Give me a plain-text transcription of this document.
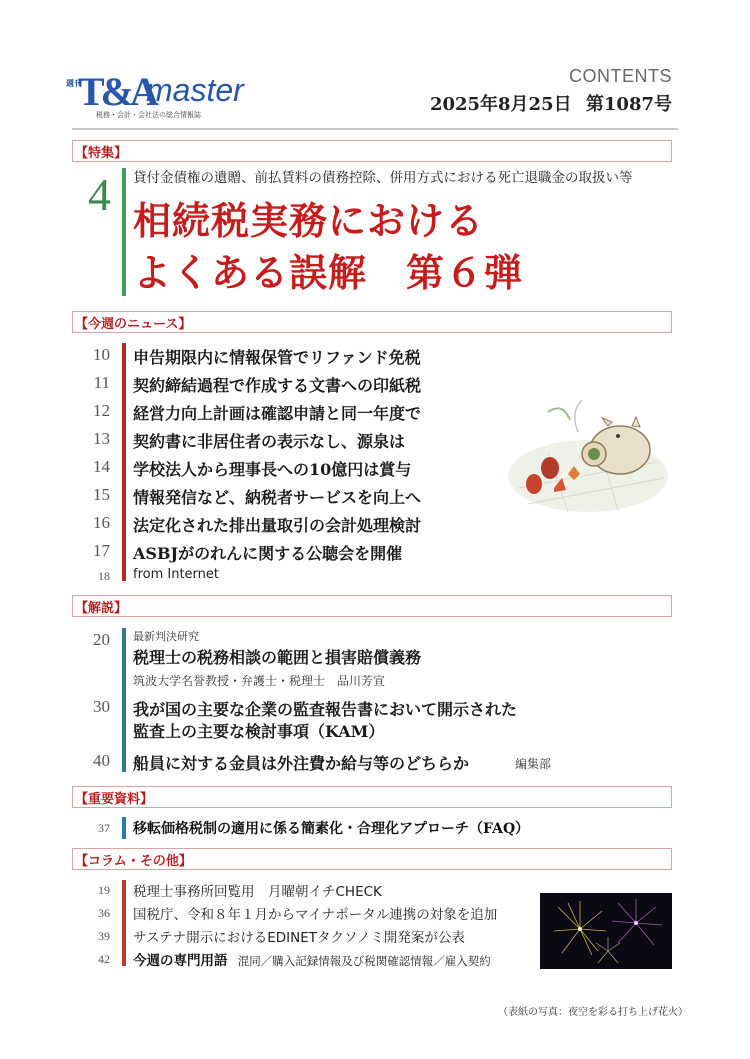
週刊
T&A
master
税務・会計・会社法の総合情報誌
CONTENTS
2025年8月25日 第1087号
【特集】
4 貸付金債権の遺贈、前払賃料の債務控除、併用方式における死亡退職金の取扱い等
相続税実務における
よくある誤解　第６弾
【今週のニュース】
10 申告期限内に情報保管でリファンド免税
11 契約締結過程で作成する文書への印紙税
12 経営力向上計画は確認申請と同一年度で
13 契約書に非居住者の表示なし、源泉は
14 学校法人から理事長への10億円は賞与
15 情報発信など、納税者サービスを向上へ
16 法定化された排出量取引の会計処理検討
17 ASBJがのれんに関する公聴会を開催
18 from Internet
【解説】
20 最新判決研究
税理士の税務相談の範囲と損害賠償義務
筑波大学名誉教授・弁護士・税理士　品川芳宣
30 我が国の主要な企業の監査報告書において開示された
監査上の主要な検討事項（KAM）
40 船員に対する金員は外注費か給与等のどちらか	編集部
【重要資料】
37 移転価格税制の適用に係る簡素化・合理化アプローチ（FAQ）
【コラム・その他】
19 税理士事務所回覧用　月曜朝イチCHECK
36 国税庁、令和８年１月からマイナポータル連携の対象を追加
39 サステナ開示におけるEDINETタクソノミ開発案が公表
42 今週の専門用語 混同／購入記録情報及び税関確認情報／雇入契約
（表紙の写真：夜空を彩る打ち上げ花火）
